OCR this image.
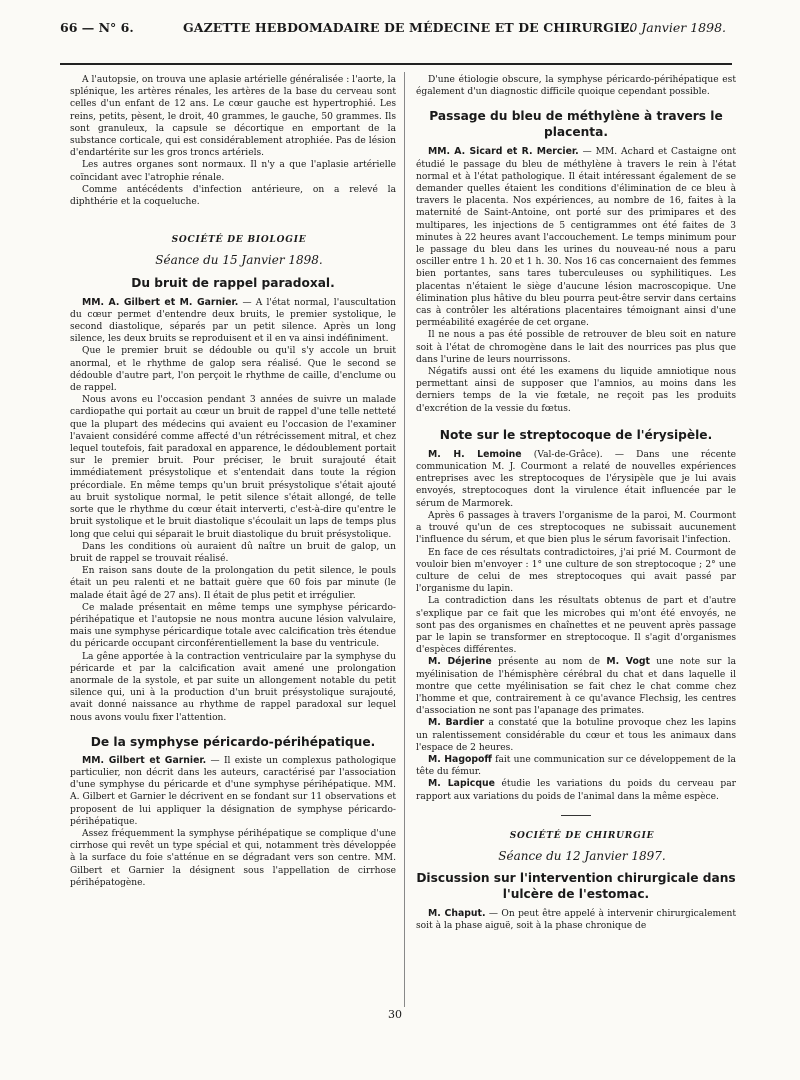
66 — N° 6.	GAZETTE HEBDOMADAIRE DE MÉDECINE ET DE CHIRURGIE.
20 Janvier 1898.

A l'autopsie, on trouva une aplasie artérielle généralisée : l'aorte, la splénique, les artères rénales, les artères de la base du cerveau sont celles d'un enfant de 12 ans. Le cœur gauche est hypertrophié. Les reins, petits, pèsent, le droit, 40 grammes, le gauche, 50 grammes. Ils sont granuleux, la capsule se décortique en emportant de la substance corticale, qui est considérablement atrophiée. Pas de lésion d'endartérite sur les gros troncs artériels.

Les autres organes sont normaux. Il n'y a que l'aplasie artérielle coïncidant avec l'atrophie rénale.

Comme antécédents d'infection antérieure, on a relevé la diphthérie et la coqueluche.

SOCIÉTÉ DE BIOLOGIE

Séance du 15 Janvier 1898.

Du bruit de rappel paradoxal.

MM. A. Gilbert et M. Garnier. — A l'état normal, l'auscultation du cœur permet d'entendre deux bruits, le premier systolique, le second diastolique, séparés par un petit silence. Après un long silence, les deux bruits se reproduisent et il en va ainsi indéfiniment.

Que le premier bruit se dédouble ou qu'il s'y accole un bruit anormal, et le rhythme de galop sera réalisé. Que le second se dédouble d'autre part, l'on perçoit le rhythme de caille, d'enclume ou de rappel.

Nous avons eu l'occasion pendant 3 années de suivre un malade cardiopathe qui portait au cœur un bruit de rappel d'une telle netteté que la plupart des médecins qui avaient eu l'occasion de l'examiner l'avaient considéré comme affecté d'un rétrécissement mitral, et chez lequel toutefois, fait paradoxal en apparence, le dédoublement portait sur le premier bruit. Pour préciser, le bruit surajouté était immédiatement présystolique et s'entendait dans toute la région précordiale. En même temps qu'un bruit présystolique s'était ajouté au bruit systolique normal, le petit silence s'était allongé, de telle sorte que le rhythme du cœur était interverti, c'est-à-dire qu'entre le bruit systolique et le bruit diastolique s'écoulait un laps de temps plus long que celui qui séparait le bruit diastolique du bruit présystolique.

Dans les conditions où auraient dû naître un bruit de galop, un bruit de rappel se trouvait réalisé.

En raison sans doute de la prolongation du petit silence, le pouls était un peu ralenti et ne battait guère que 60 fois par minute (le malade était âgé de 27 ans). Il était de plus petit et irrégulier.

Ce malade présentait en même temps une symphyse péricardo-périhépatique et l'autopsie ne nous montra aucune lésion valvulaire, mais une symphyse péricardique totale avec calcification très étendue du péricarde occupant circonférentiellement la base du ventricule.

La gêne apportée à la contraction ventriculaire par la symphyse du péricarde et par la calcification avait amené une prolongation anormale de la systole, et par suite un allongement notable du petit silence qui, uni à la production d'un bruit présystolique surajouté, avait donné naissance au rhythme de rappel paradoxal sur lequel nous avons voulu fixer l'attention.

De la symphyse péricardo-périhépatique.

MM. Gilbert et Garnier. — Il existe un complexus pathologique particulier, non décrit dans les auteurs, caractérisé par l'association d'une symphyse du péricarde et d'une symphyse périhépatique. MM. A. Gilbert et Garnier le décrivent en se fondant sur 11 observations et proposent de lui appliquer la désignation de symphyse péricardo-périhépatique.

Assez fréquemment la symphyse périhépatique se complique d'une cirrhose qui revêt un type spécial et qui, notamment très développée à la surface du foie s'atténue en se dégradant vers son centre. MM. Gilbert et Garnier la désignent sous l'appellation de cirrhose périhépatogène.

D'une étiologie obscure, la symphyse péricardo-périhépatique est également d'un diagnostic difficile quoique cependant possible.

Passage du bleu de méthylène à travers le placenta.

MM. A. Sicard et R. Mercier. — MM. Achard et Castaigne ont étudié le passage du bleu de méthylène à travers le rein à l'état normal et à l'état pathologique. Il était intéressant également de se demander quelles étaient les conditions d'élimination de ce bleu à travers le placenta. Nos expériences, au nombre de 16, faites à la maternité de Saint-Antoine, ont porté sur des primipares et des multipares, les injections de 5 centigrammes ont été faites de 3 minutes à 22 heures avant l'accouchement. Le temps minimum pour le passage du bleu dans les urines du nouveau-né nous a paru osciller entre 1 h. 20 et 1 h. 30. Nos 16 cas concernaient des femmes bien portantes, sans tares tuberculeuses ou syphilitiques. Les placentas n'étaient le siège d'aucune lésion macroscopique. Une élimination plus hâtive du bleu pourra peut-être servir dans certains cas à contrôler les altérations placentaires témoignant ainsi d'une perméabilité exagérée de cet organe.

Il ne nous a pas été possible de retrouver de bleu soit en nature soit à l'état de chromogène dans le lait des nourrices pas plus que dans l'urine de leurs nourrissons.

Négatifs aussi ont été les examens du liquide amniotique nous permettant ainsi de supposer que l'amnios, au moins dans les derniers temps de la vie fœtale, ne reçoit pas les produits d'excrétion de la vessie du fœtus.

Note sur le streptocoque de l'érysipèle.

M. H. Lemoine (Val-de-Grâce). — Dans une récente communication M. J. Courmont a relaté de nouvelles expériences entreprises avec les streptocoques de l'érysipèle que je lui avais envoyés, streptocoques dont la virulence était influencée par le sérum de Marmorek.

Après 6 passages à travers l'organisme de la paroi, M. Courmont a trouvé qu'un de ces streptocoques ne subissait aucunement l'influence du sérum, et que bien plus le sérum favorisait l'infection.

En face de ces résultats contradictoires, j'ai prié M. Courmont de vouloir bien m'envoyer : 1° une culture de son streptocoque ; 2° une culture de celui de mes streptocoques qui avait passé par l'organisme du lapin.

La contradiction dans les résultats obtenus de part et d'autre s'explique par ce fait que les microbes qui m'ont été envoyés, ne sont pas des organismes en chaînettes et ne peuvent après passage par le lapin se transformer en streptocoque. Il s'agit d'organismes d'espèces différentes.

M. Déjerine présente au nom de M. Vogt une note sur la myélinisation de l'hémisphère cérébral du chat et dans laquelle il montre que cette myélinisation se fait chez le chat comme chez l'homme et que, contrairement à ce qu'avance Flechsig, les centres d'association ne sont pas l'apanage des primates.

M. Bardier a constaté que la botuline provoque chez les lapins un ralentissement considérable du cœur et tous les animaux dans l'espace de 2 heures.

M. Hagopoff fait une communication sur ce développement de la tête du fémur.

M. Lapicque étudie les variations du poids du cerveau par rapport aux variations du poids de l'animal dans la même espèce.

SOCIÉTÉ DE CHIRURGIE

Séance du 12 Janvier 1897.

Discussion sur l'intervention chirurgicale dans l'ulcère de l'estomac.

M. Chaput. — On peut être appelé à intervenir chirurgicalement soit à la phase aiguë, soit à la phase chronique de

30
